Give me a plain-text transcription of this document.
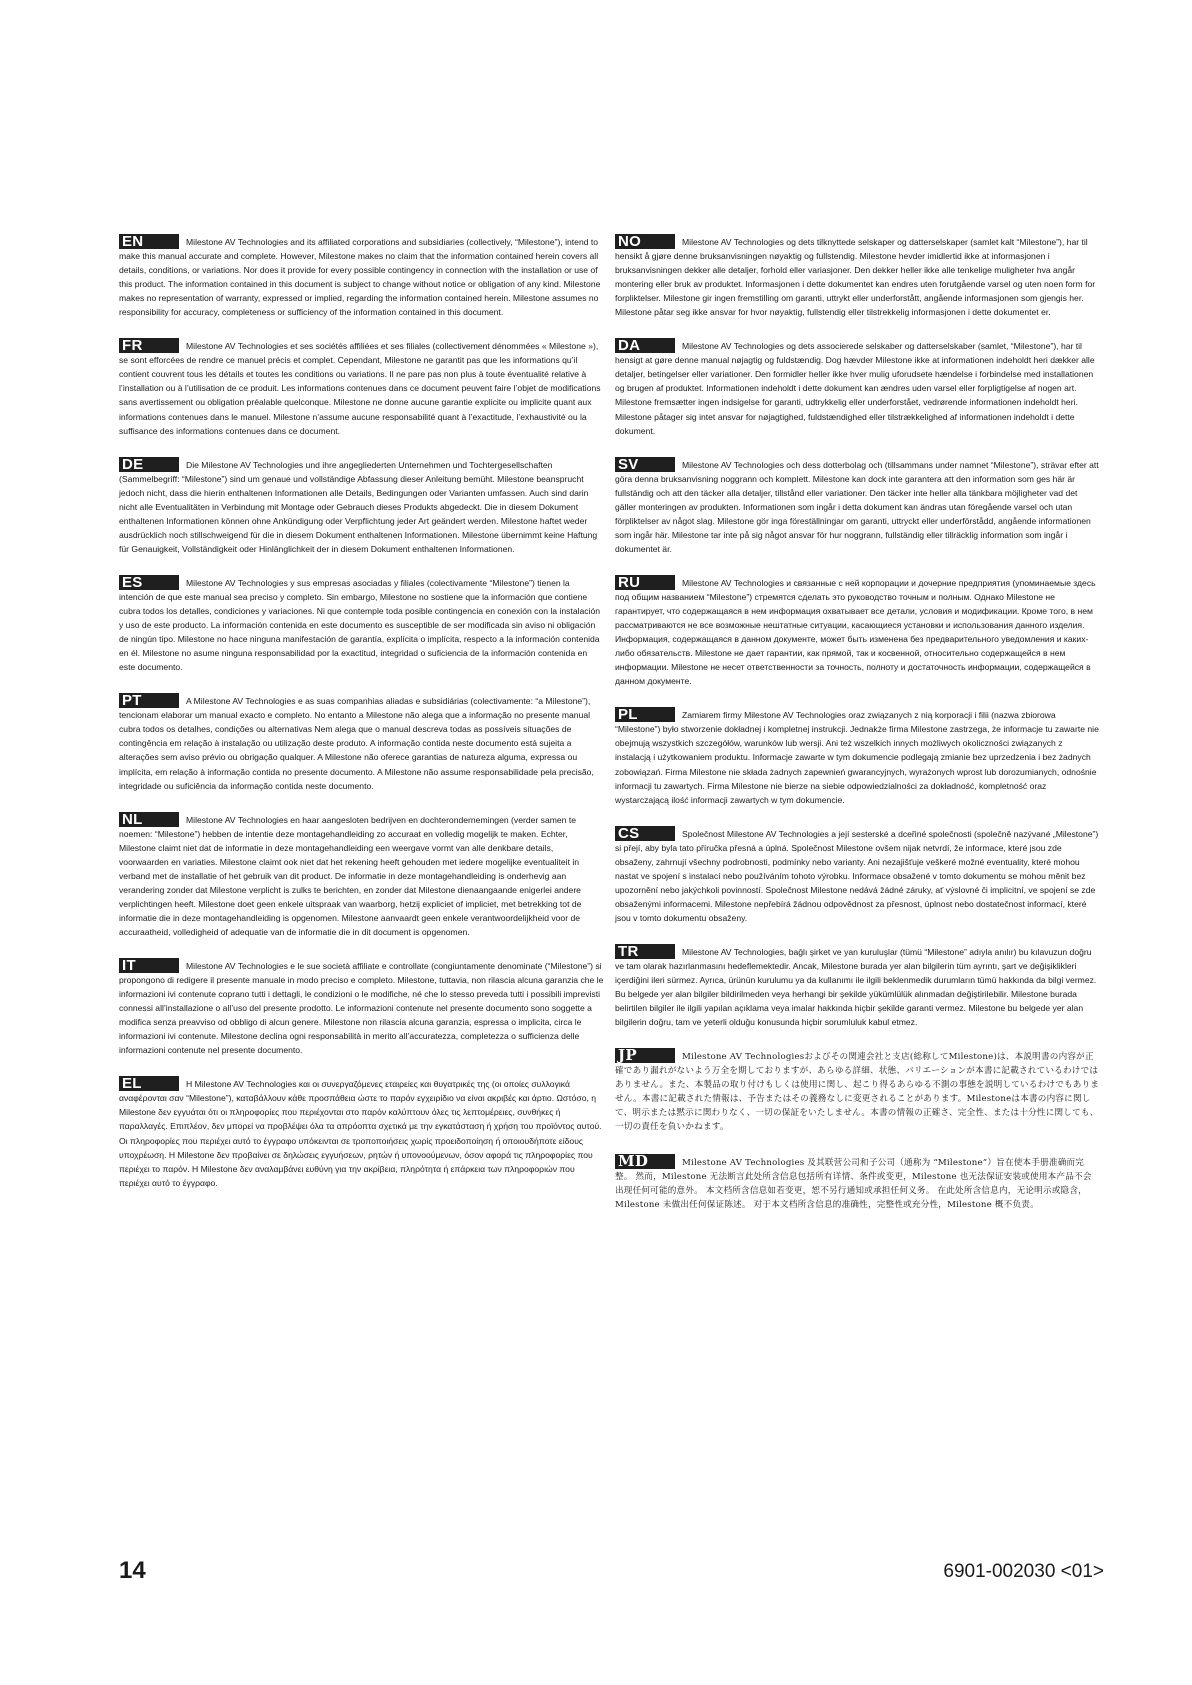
EN	Milestone AV Technologies and its affiliated corporations and subsidiaries (collectively, “Milestone”), intend to make this manual accurate and complete. However, Milestone makes no claim that the information contained herein covers all details, conditions, or variations. Nor does it provide for every possible contingency in connection with the installation or use of this product. The information contained in this document is subject to change without notice or obligation of any kind. Milestone makes no representation of warranty, expressed or implied, regarding the information contained herein. Milestone assumes no responsibility for accuracy, completeness or sufficiency of the information contained in this document.
FR	Milestone AV Technologies et ses sociétés affiliées et ses filiales (collectivement dénommées « Milestone »), se sont efforcées de rendre ce manuel précis et complet. Cependant, Milestone ne garantit pas que les informations qu’il contient couvrent tous les détails et toutes les conditions ou variations. Il ne pare pas non plus à toute éventualité relative à l’installation ou à l’utilisation de ce produit. Les informations contenues dans ce document peuvent faire l’objet de modifications sans avertissement ou obligation préalable quelconque. Milestone ne donne aucune garantie explicite ou implicite quant aux informations contenues dans le manuel. Milestone n’assume aucune responsabilité quant à l’exactitude, l’exhaustivité ou la suffisance des informations contenues dans ce document.
DE	Die Milestone AV Technologies und ihre angegliederten Unternehmen und Tochtergesellschaften (Sammelbegriff: “Milestone”) sind um genaue und vollständige Abfassung dieser Anleitung bemüht. Milestone beansprucht jedoch nicht, dass die hierin enthaltenen Informationen alle Details, Bedingungen oder Varianten umfassen. Auch sind darin nicht alle Eventualitäten in Verbindung mit Montage oder Gebrauch dieses Produkts abgedeckt. Die in diesem Dokument enthaltenen Informationen können ohne Ankündigung oder Verpflichtung jeder Art geändert werden. Milestone haftet weder ausdrücklich noch stillschweigend für die in diesem Dokument enthaltenen Informationen. Milestone übernimmt keine Haftung für Genauigkeit, Vollständigkeit oder Hinlänglichkeit der in diesem Dokument enthaltenen Informationen.
ES	Milestone AV Technologies y sus empresas asociadas y filiales (colectivamente “Milestone”) tienen la intención de que este manual sea preciso y completo. Sin embargo, Milestone no sostiene que la información que contiene cubra todos los detalles, condiciones y variaciones. Ni que contemple toda posible contingencia en conexión con la instalación y uso de este producto. La información contenida en este documento es susceptible de ser modificada sin aviso ni obligación de ningún tipo. Milestone no hace ninguna manifestación de garantía, explícita o implícita, respecto a la información contenida en él. Milestone no asume ninguna responsabilidad por la exactitud, integridad o suficiencia de la información contenida en este documento.
PT	A Milestone AV Technologies e as suas companhias aliadas e subsidiárias (colectivamente: “a Milestone”), tencionam elaborar um manual exacto e completo. No entanto a Milestone não alega que a informação no presente manual cubra todos os detalhes, condições ou alternativas Nem alega que o manual descreva todas as possíveis situações de contingência em relação à instalação ou utilização deste produto. A informação contida neste documento está sujeita a alterações sem aviso prévio ou obrigação qualquer. A Milestone não oferece garantias de natureza alguma, expressa ou implícita, em relação à informação contida no presente documento. A Milestone não assume responsabilidade pela precisão, integridade ou suficiência da informação contida neste documento.
NL	Milestone AV Technologies en haar aangesloten bedrijven en dochterondernemingen (verder samen te noemen: “Milestone”) hebben de intentie deze montagehandleiding zo accuraat en volledig mogelijk te maken. Echter, Milestone claimt niet dat de informatie in deze montagehandleiding een weergave vormt van alle denkbare details, voorwaarden en variaties. Milestone claimt ook niet dat het rekening heeft gehouden met iedere mogelijke eventualiteit in verband met de installatie of het gebruik van dit product. De informatie in deze montagehandleiding is onderhevig aan verandering zonder dat Milestone verplicht is zulks te berichten, en zonder dat Milestone dienaangaande enigerlei andere verplichtingen heeft. Milestone doet geen enkele uitspraak van waarborg, hetzij expliciet of impliciet, met betrekking tot de informatie die in deze montagehandleiding is opgenomen. Milestone aanvaardt geen enkele verantwoordelijkheid voor de accuraatheid, volledigheid of adequatie van de informatie die in dit document is opgenomen.
IT	Milestone AV Technologies e le sue società affiliate e controllate (congiuntamente denominate (“Milestone”) si propongono di redigere il presente manuale in modo preciso e completo. Milestone, tuttavia, non rilascia alcuna garanzia che le informazioni ivi contenute coprano tutti i dettagli, le condizioni o le modifiche, né che lo stesso preveda tutti i possibili imprevisti connessi all’installazione o all’uso del presente prodotto. Le informazioni contenute nel presente documento sono soggette a modifica senza preavviso od obbligo di alcun genere. Milestone non rilascia alcuna garanzia, espressa o implicita, circa le informazioni ivi contenute. Milestone declina ogni responsabilità in merito all’accuratezza, completezza o sufficienza delle informazioni contenute nel presente documento.
EL	Η Milestone AV Technologies και οι συνεργαζόμενες εταιρείες και θυγατρικές της (οι οποίες συλλογικά αναφέρονται σαν “Milestone”), καταβάλλουν κάθε προσπάθεια ώστε το παρόν εγχειρίδιο να είναι ακριβές και άρτιο. Ωστόσο, η Milestone δεν εγγυάται ότι οι πληροφορίες που περιέχονται στο παρόν καλύπτουν όλες τις λεπτομέρειες, συνθήκες ή παραλλαγές. Επιπλέον, δεν μπορεί να προβλέψει όλα τα απρόοπτα σχετικά με την εγκατάσταση ή χρήση του προϊόντος αυτού. Οι πληροφορίες που περιέχει αυτό το έγγραφο υπόκεινται σε τροποποιήσεις χωρίς προειδοποίηση ή οποιουδήποτε είδους υποχρέωση. Η Milestone δεν προβαίνει σε δηλώσεις εγγυήσεων, ρητών ή υπονοούμενων, όσον αφορά τις πληροφορίες που περιέχει το παρόν. Η Milestone δεν αναλαμβάνει ευθύνη για την ακρίβεια, πληρότητα ή επάρκεια των πληροφοριών που περιέχει αυτό το έγγραφο.
NO	Milestone AV Technologies og dets tilknyttede selskaper og datterselskaper (samlet kalt “Milestone”), har til hensikt å gjøre denne bruksanvisningen nøyaktig og fullstendig. Milestone hevder imidlertid ikke at informasjonen i bruksanvisningen dekker alle detaljer, forhold eller variasjoner. Den dekker heller ikke alle tenkelige muligheter hva angår montering eller bruk av produktet. Informasjonen i dette dokumentet kan endres uten forutgående varsel og uten noen form for forpliktelser. Milestone gir ingen fremstilling om garanti, uttrykt eller underforstått, angående informasjonen som gjengis her. Milestone påtar seg ikke ansvar for hvor nøyaktig, fullstendig eller tilstrekkelig informasjonen i dette dokumentet er.
DA	Milestone AV Technologies og dets associerede selskaber og datterselskaber (samlet, “Milestone”), har til hensigt at gøre denne manual nøjagtig og fuldstændig. Dog hævder Milestone ikke at informationen indeholdt heri dækker alle detaljer, betingelser eller variationer. Den formidler heller ikke hver mulig uforudsete hændelse i forbindelse med installationen og brugen af produktet. Informationen indeholdt i dette dokument kan ændres uden varsel eller forpligtigelse af nogen art. Milestone fremsætter ingen indsigelse for garanti, udtrykkelig eller underforstået, vedrørende informationen indeholdt heri. Milestone påtager sig intet ansvar for nøjagtighed, fuldstændighed eller tilstrækkelighed af informationen indeholdt i dette dokument.
SV	Milestone AV Technologies och dess dotterbolag och (tillsammans under namnet “Milestone”), strävar efter att göra denna bruksanvisning noggrann och komplett. Milestone kan dock inte garantera att den information som ges här är fullständig och att den täcker alla detaljer, tillstånd eller variationer. Den täcker inte heller alla tänkbara möjligheter vad det gäller monteringen av produkten. Informationen som ingår i detta dokument kan ändras utan föregående varsel och utan förpliktelser av något slag. Milestone gör inga föreställningar om garanti, uttryckt eller underförstådd, angående informationen som ingår här. Milestone tar inte på sig något ansvar för hur noggrann, fullständig eller tillräcklig information som ingår i dokumentet är.
RU	Milestone AV Technologies и связанные с ней корпорации и дочерние предприятия (упоминаемые здесь под общим названием “Milestone”) стремятся сделать это руководство точным и полным. Однако Milestone не гарантирует, что содержащаяся в нем информация охватывает все детали, условия и модификации. Кроме того, в нем рассматриваются не все возможные нештатные ситуации, касающиеся установки и использования данного изделия. Информация, содержащаяся в данном документе, может быть изменена без предварительного уведомления и каких-либо обязательств. Milestone не дает гарантии, как прямой, так и косвенной, относительно содержащейся в нем информации. Milestone не несет ответственности за точность, полноту и достаточность информации, содержащейся в данном документе.
PL	Zamiarem firmy Milestone AV Technologies oraz związanych z nią korporacji i filii (nazwa zbiorowa “Milestone”) było stworzenie dokładnej i kompletnej instrukcji. Jednakże firma Milestone zastrzega, że informacje tu zawarte nie obejmują wszystkich szczegółów, warunków lub wersji. Ani też wszelkich innych możliwych okoliczności związanych z instalacją i użytkowaniem produktu. Informacje zawarte w tym dokumencie podlegają zmianie bez uprzedzenia i bez żadnych zobowiązań. Firma Milestone nie składa żadnych zapewnień gwarancyjnych, wyrażonych wprost lub dorozumianych, odnośnie informacji tu zawartych. Firma Milestone nie bierze na siebie odpowiedzialności za dokładność, kompletność oraz wystarczającą ilość informacji zawartych w tym dokumencie.
CS	Společnost Milestone AV Technologies a její sesterské a dceřiné společnosti (společně nazývané „Milestone”) si přejí, aby byla tato příručka přesná a úplná. Společnost Milestone ovšem nijak netvrdí, že informace, které jsou zde obsaženy, zahrnují všechny podrobnosti, podmínky nebo varianty. Ani nezajišťuje veškeré možné eventuality, které mohou nastat ve spojení s instalací nebo používáním tohoto výrobku. Informace obsažené v tomto dokumentu se mohou měnit bez upozornění nebo jakýchkoli povinností. Společnost Milestone nedává žádné záruky, ať výslovné či implicitní, ve spojení se zde obsaženými informacemi. Milestone nepřebírá žádnou odpovědnost za přesnost, úplnost nebo dostatečnost informací, které jsou v tomto dokumentu obsaženy.
TR	Milestone AV Technologies, bağlı şirket ve yan kuruluşlar (tümü “Milestone” adıyla anılır) bu kılavuzun doğru ve tam olarak hazırlanmasını hedeflemektedir. Ancak, Milestone burada yer alan bilgilerin tüm ayrıntı, şart ve değişiklikleri içerdiğini ileri sürmez. Ayrıca, ürünün kurulumu ya da kullanımı ile ilgili beklenmedik durumların tümü hakkında da bilgi vermez. Bu belgede yer alan bilgiler bildirilmeden veya herhangi bir şekilde yükümlülük alınmadan değiştirilebilir. Milestone burada belirtilen bilgiler ile ilgili yapılan açıklama veya imalar hakkında hiçbir şekilde garanti vermez. Milestone bu belgede yer alan bilgilerin doğru, tam ve yeterli olduğu konusunda hiçbir sorumluluk kabul etmez.
JP	Milestone AV Technologiesおよびその関連会社と支店(総称してMilestone)は、本説明書の内容が正確であり漏れがないよう万全を期しておりますが、あらゆる詳細、状態、バリエーションが本書に記載されているわけではありません。また、本製品の取り付けもしくは使用に関し、起こり得るあらゆる不測の事態を説明しているわけでもありません。本書に記載された情報は、予告またはその義務なしに変更されることがあります。Milestoneは本書の内容に関して、明示または黙示に関わりなく、一切の保証をいたしません。本書の情報の正確さ、完全性、または十分性に関しても、一切の責任を負いかねます。
MD	Milestone AV Technologies 及其联营公司和子公司（通称为 “Milestone”）旨在使本手册准确而完整。 然而，Milestone 无法断言此处所含信息包括所有详情、条件或变更，Milestone 也无法保证安装或使用本产品不会出现任何可能的意外。 本文档所含信息如若变更，恕不另行通知或承担任何义务。 在此处所含信息内，无论明示或隐含，Milestone 未做出任何保证陈述。 对于本文档所含信息的准确性，完整性或充分性，Milestone 概不负责。
14	6901-002030 <01>
